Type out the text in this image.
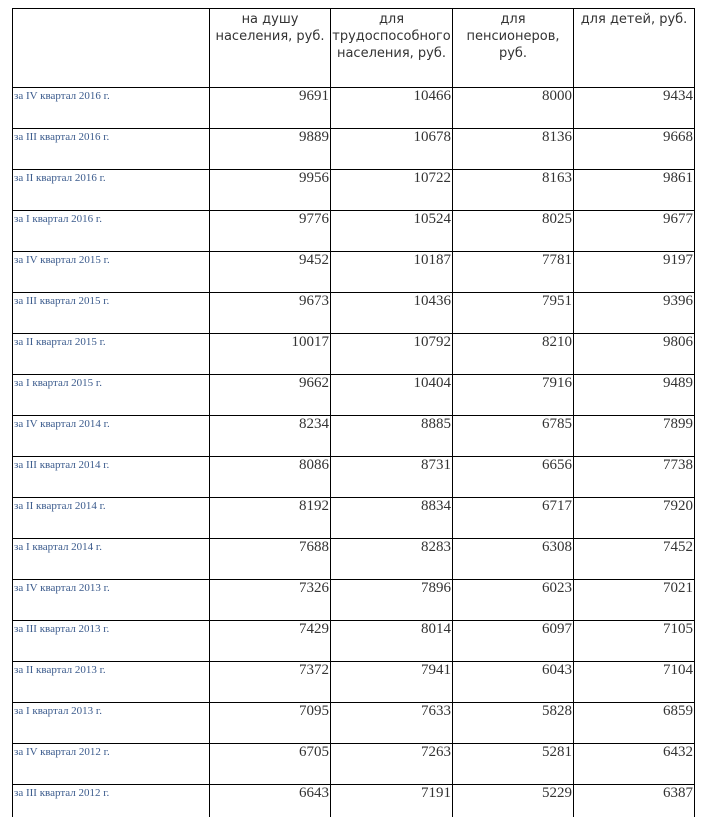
	на душу населения, руб.	для трудоспособного населения, руб.	для пенсионеров, руб.	для детей, руб.
за IV квартал 2016 г.	9691	10466	8000	9434
за III квартал 2016 г.	9889	10678	8136	9668
за II квартал 2016 г.	9956	10722	8163	9861
за I квартал 2016 г.	9776	10524	8025	9677
за IV квартал 2015 г.	9452	10187	7781	9197
за III квартал 2015 г.	9673	10436	7951	9396
за II квартал 2015 г.	10017	10792	8210	9806
за I квартал 2015 г.	9662	10404	7916	9489
за IV квартал 2014 г.	8234	8885	6785	7899
за III квартал 2014 г.	8086	8731	6656	7738
за II квартал 2014 г.	8192	8834	6717	7920
за I квартал 2014 г.	7688	8283	6308	7452
за IV квартал 2013 г.	7326	7896	6023	7021
за III квартал 2013 г.	7429	8014	6097	7105
за II квартал 2013 г.	7372	7941	6043	7104
за I квартал 2013 г.	7095	7633	5828	6859
за IV квартал 2012 г.	6705	7263	5281	6432
за III квартал 2012 г.	6643	7191	5229	6387
